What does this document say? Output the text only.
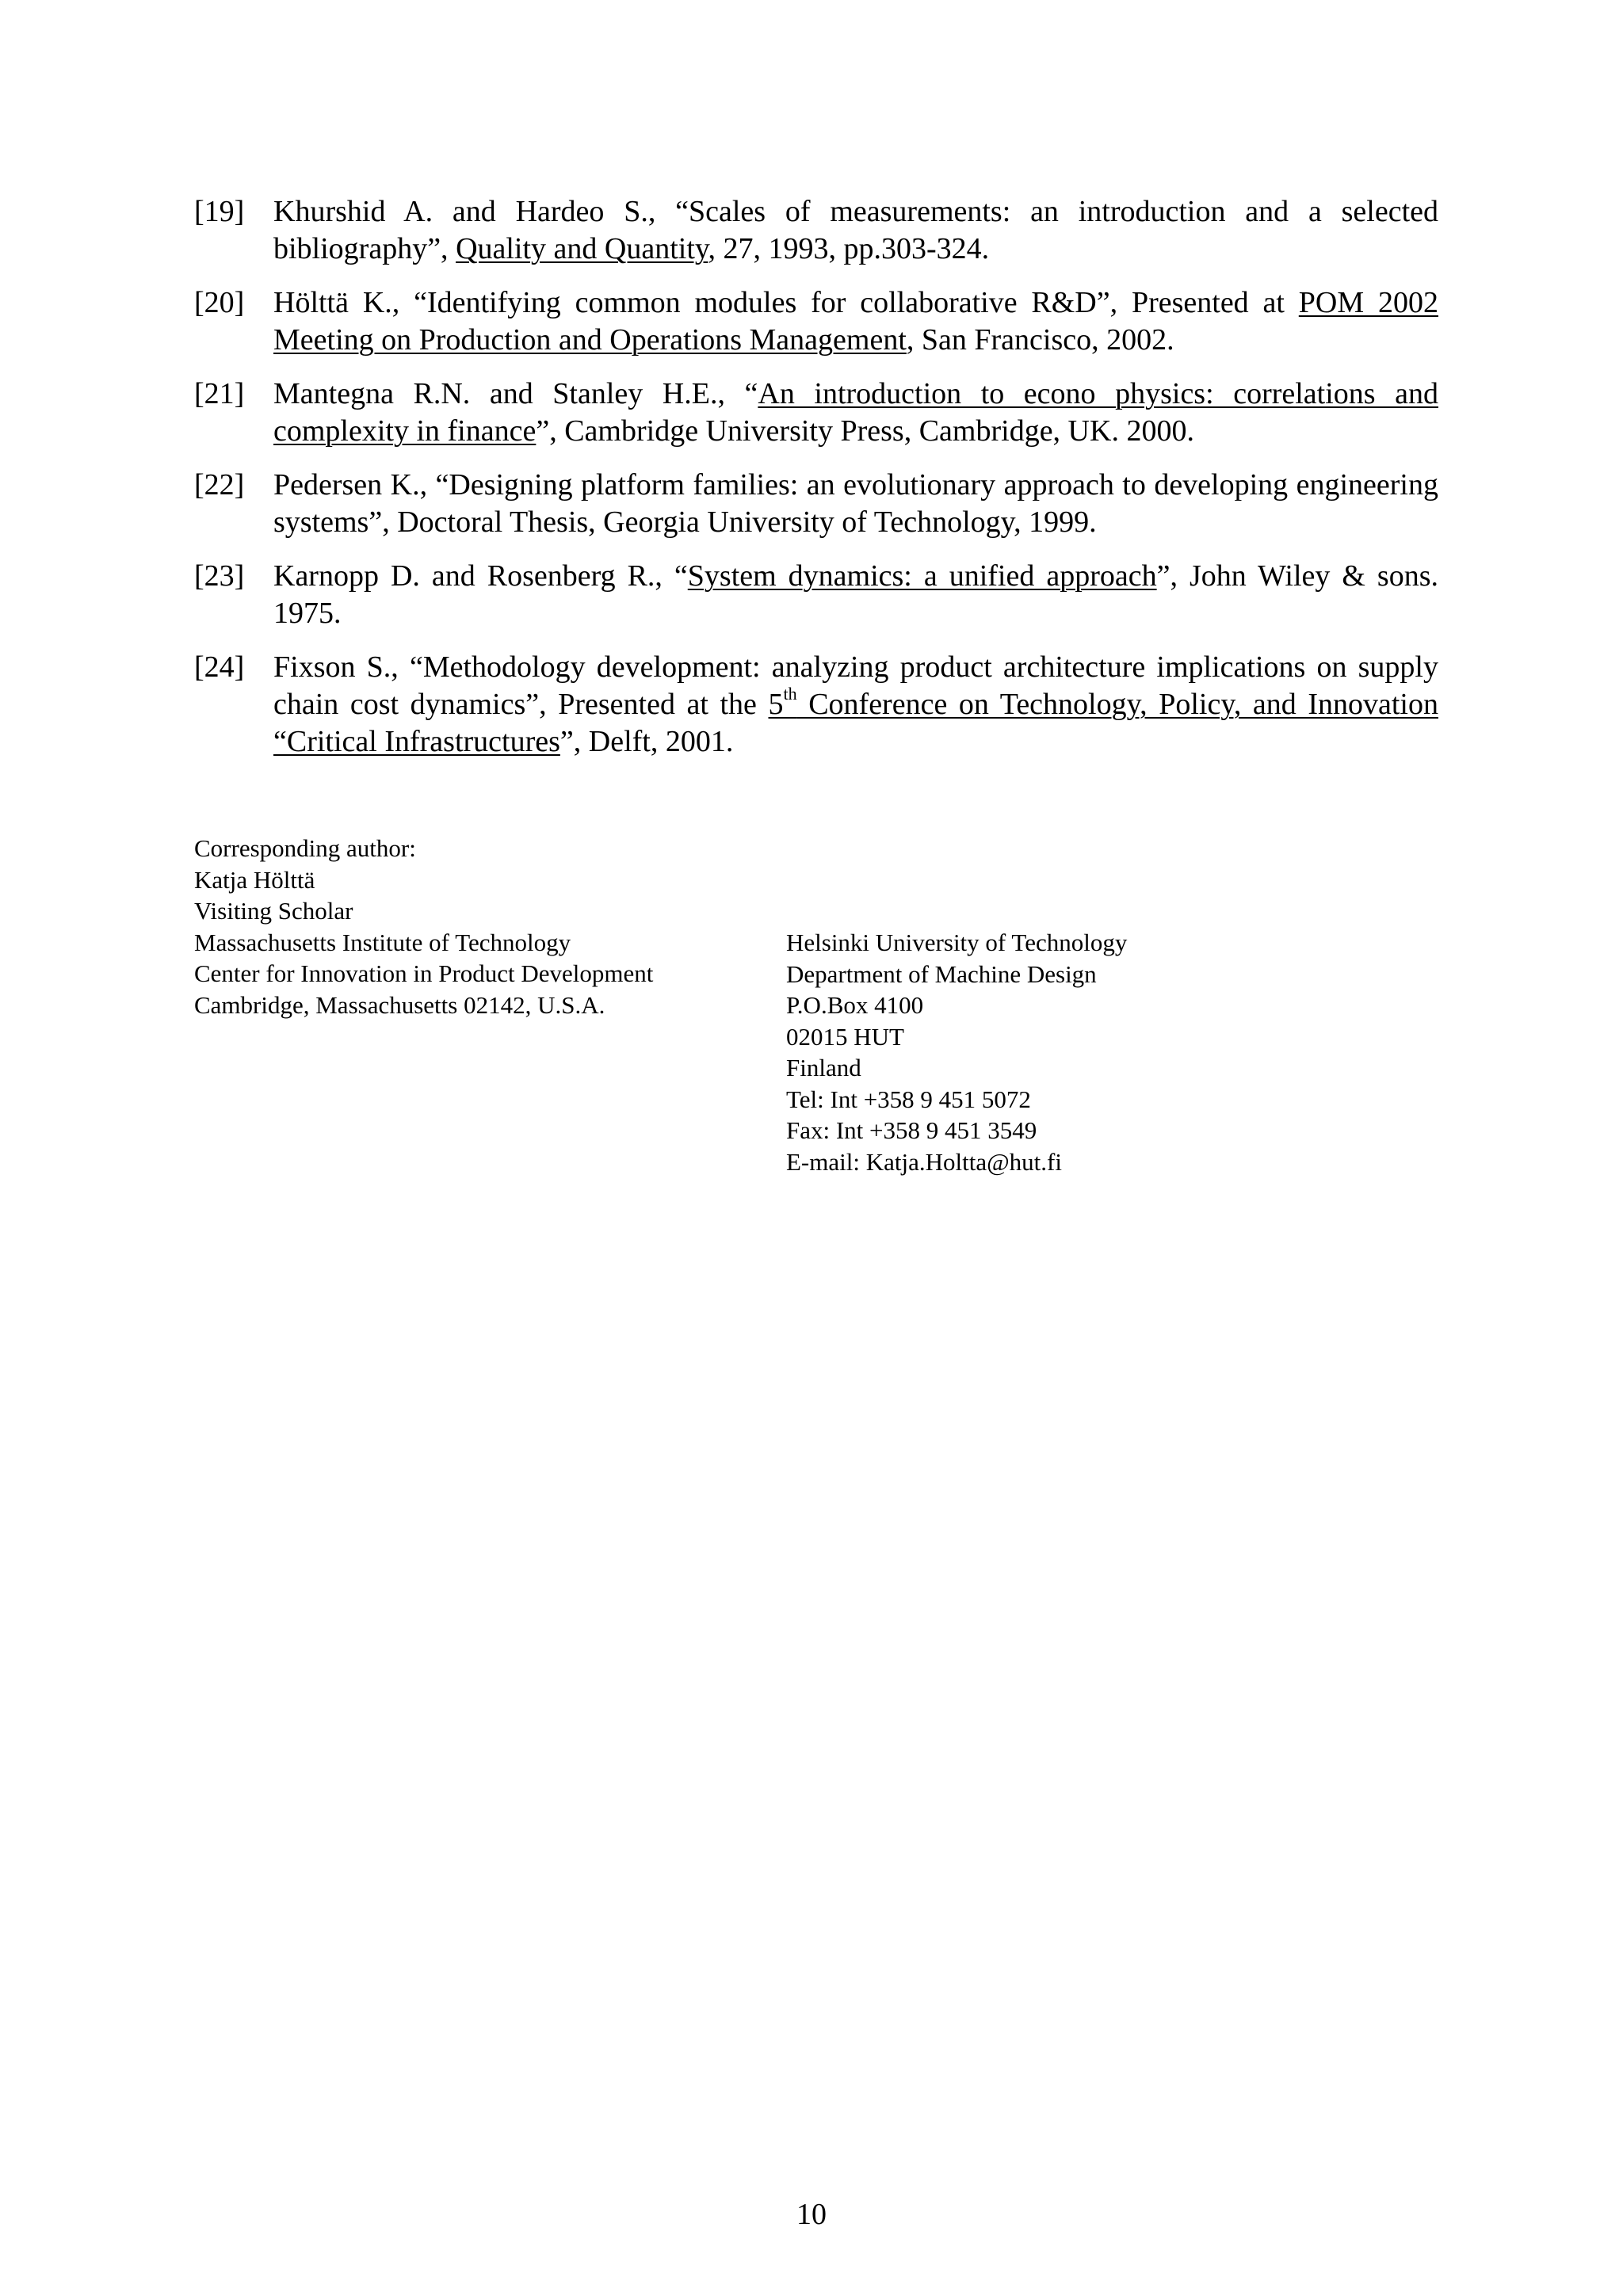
[19] Khurshid A. and Hardeo S., “Scales of measurements: an introduction and a selected bibliography”, Quality and Quantity, 27, 1993, pp.303-324.
[20] Hölttä K., “Identifying common modules for collaborative R&D”, Presented at POM 2002 Meeting on Production and Operations Management, San Francisco, 2002.
[21] Mantegna R.N. and Stanley H.E., “An introduction to econo physics: correlations and complexity in finance”, Cambridge University Press, Cambridge, UK. 2000.
[22] Pedersen K., “Designing platform families: an evolutionary approach to developing engineering systems”, Doctoral Thesis, Georgia University of Technology, 1999.
[23] Karnopp D. and Rosenberg R., “System dynamics: a unified approach”, John Wiley & sons. 1975.
[24] Fixson S., “Methodology development: analyzing product architecture implications on supply chain cost dynamics”, Presented at the 5th Conference on Technology, Policy, and Innovation “Critical Infrastructures”, Delft, 2001.
Corresponding author:
Katja Hölttä
Visiting Scholar
Massachusetts Institute of Technology
Center for Innovation in Product Development
Cambridge, Massachusetts 02142, U.S.A.
Helsinki University of Technology
Department of Machine Design
P.O.Box 4100
02015 HUT
Finland
Tel: Int +358 9 451 5072
Fax: Int +358 9 451 3549
E-mail: Katja.Holtta@hut.fi
10
